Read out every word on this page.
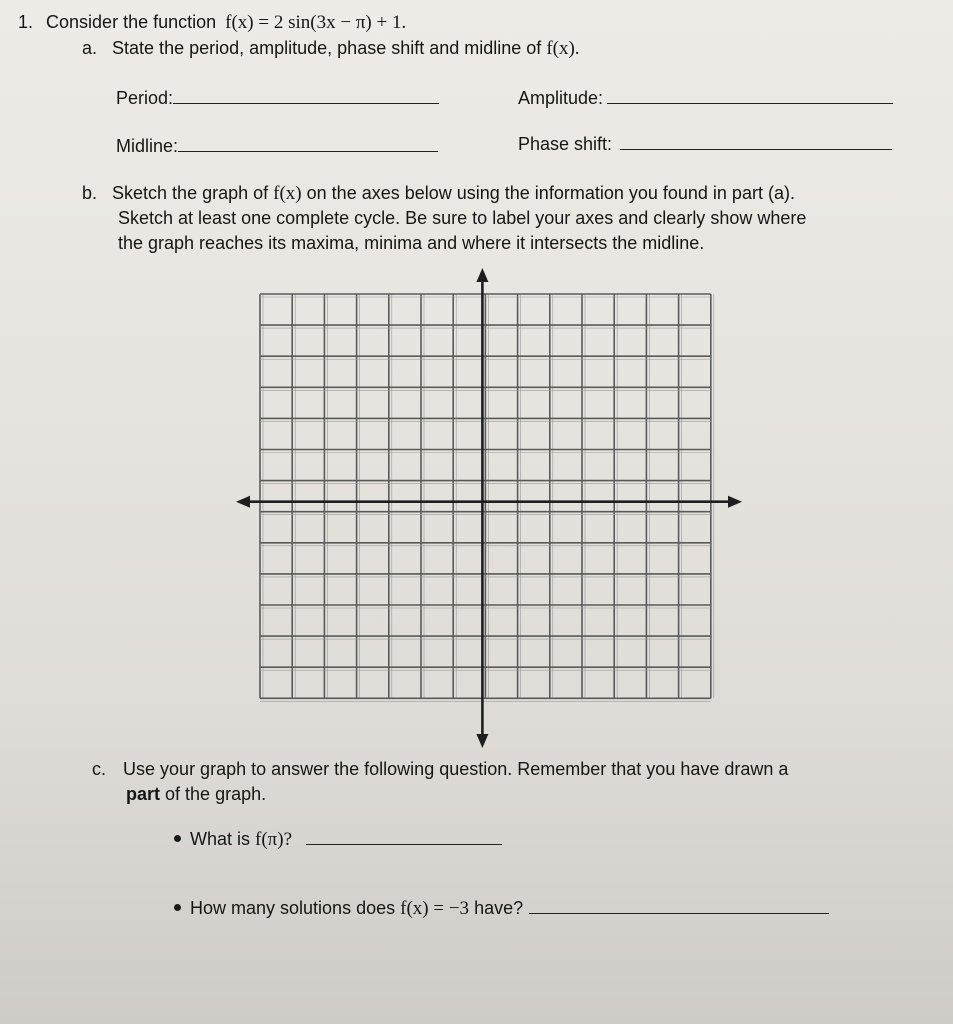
1. Consider the function f(x) = 2 sin(3x − π) + 1.
a. State the period, amplitude, phase shift and midline of f(x).
Period:	Amplitude:
Midline:	Phase shift:
b. Sketch the graph of f(x) on the axes below using the information you found in part (a).
Sketch at least one complete cycle. Be sure to label your axes and clearly show where
the graph reaches its maxima, minima and where it intersects the midline.
c. Use your graph to answer the following question. Remember that you have drawn a
part of the graph.
What is f(π)?
How many solutions does f(x) = −3 have?
